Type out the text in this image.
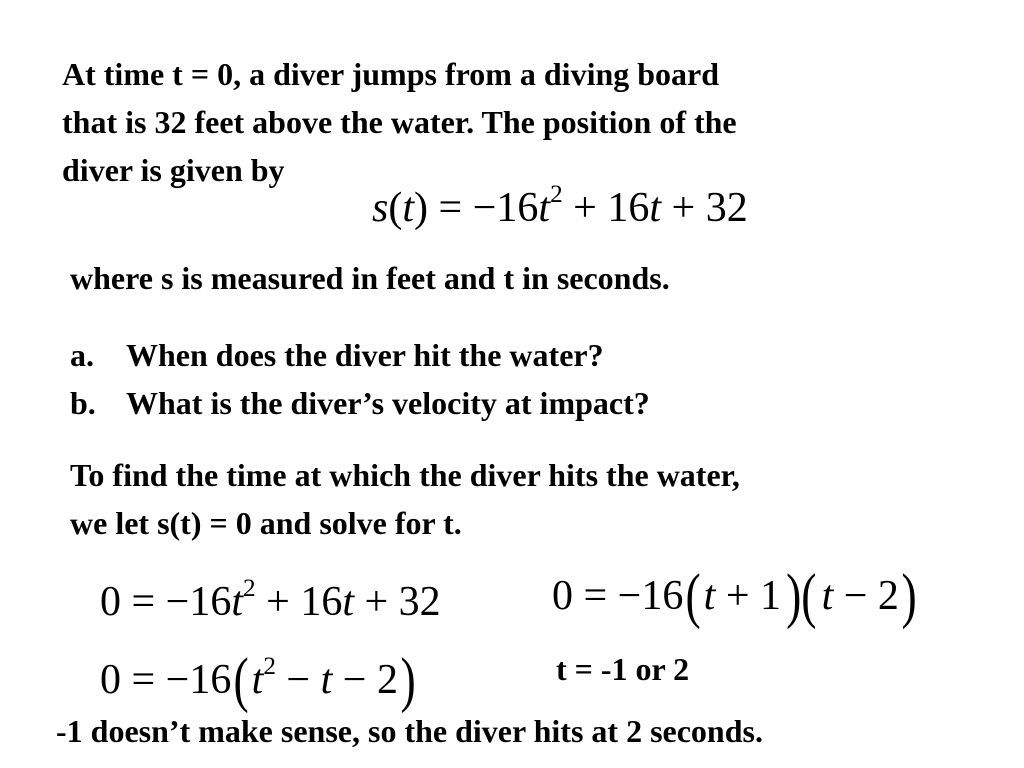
At time t = 0, a diver jumps from a diving board
that is 32 feet above the water. The position of the
diver is given by
$s(t) = -16t^2 + 16t + 32$
where s is measured in feet and t in seconds.
a. When does the diver hit the water?
b. What is the diver’s velocity at impact?
To find the time at which the diver hits the water,
we let s(t) = 0 and solve for t.
$0 = -16t^2 + 16t + 32$	0 = −16(t + 1)( t − 2)
$0 = -16(t^2 - t - 2)$	t = -1 or 2
-1 doesn’t make sense, so the diver hits at 2 seconds.
